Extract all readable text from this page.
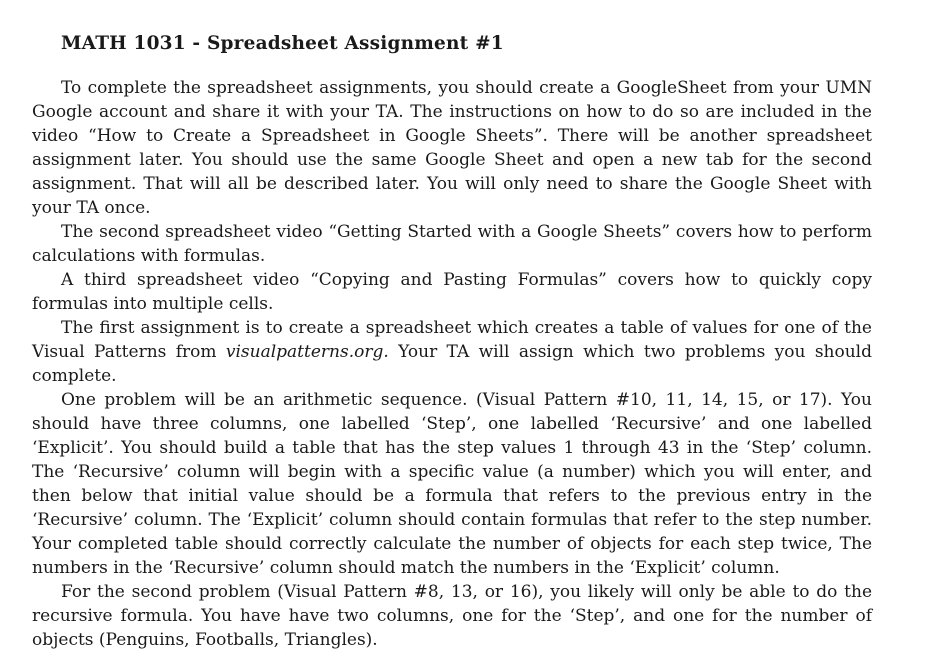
MATH 1031 - Spreadsheet Assignment #1

To complete the spreadsheet assignments, you should create a GoogleSheet from your UMN Google account and share it with your TA. The instructions on how to do so are included in the video “How to Create a Spreadsheet in Google Sheets”. There will be another spreadsheet assignment later. You should use the same Google Sheet and open a new tab for the second assignment. That will all be described later. You will only need to share the Google Sheet with your TA once.

The second spreadsheet video “Getting Started with a Google Sheets” covers how to perform calculations with formulas.

A third spreadsheet video “Copying and Pasting Formulas” covers how to quickly copy formulas into multiple cells.

The first assignment is to create a spreadsheet which creates a table of values for one of the Visual Patterns from visualpatterns.org. Your TA will assign which two problems you should complete.

One problem will be an arithmetic sequence. (Visual Pattern #10, 11, 14, 15, or 17). You should have three columns, one labelled ‘Step’, one labelled ‘Recursive’ and one labelled ‘Explicit’. You should build a table that has the step values 1 through 43 in the ‘Step’ column. The ‘Recursive’ column will begin with a specific value (a number) which you will enter, and then below that initial value should be a formula that refers to the previous entry in the ‘Recursive’ column. The ‘Explicit’ column should contain formulas that refer to the step number. Your completed table should correctly calculate the number of objects for each step twice, The numbers in the ‘Recursive’ column should match the numbers in the ‘Explicit’ column.

For the second problem (Visual Pattern #8, 13, or 16), you likely will only be able to do the recursive formula. You have have two columns, one for the ‘Step’, and one for the number of objects (Penguins, Footballs, Triangles).
